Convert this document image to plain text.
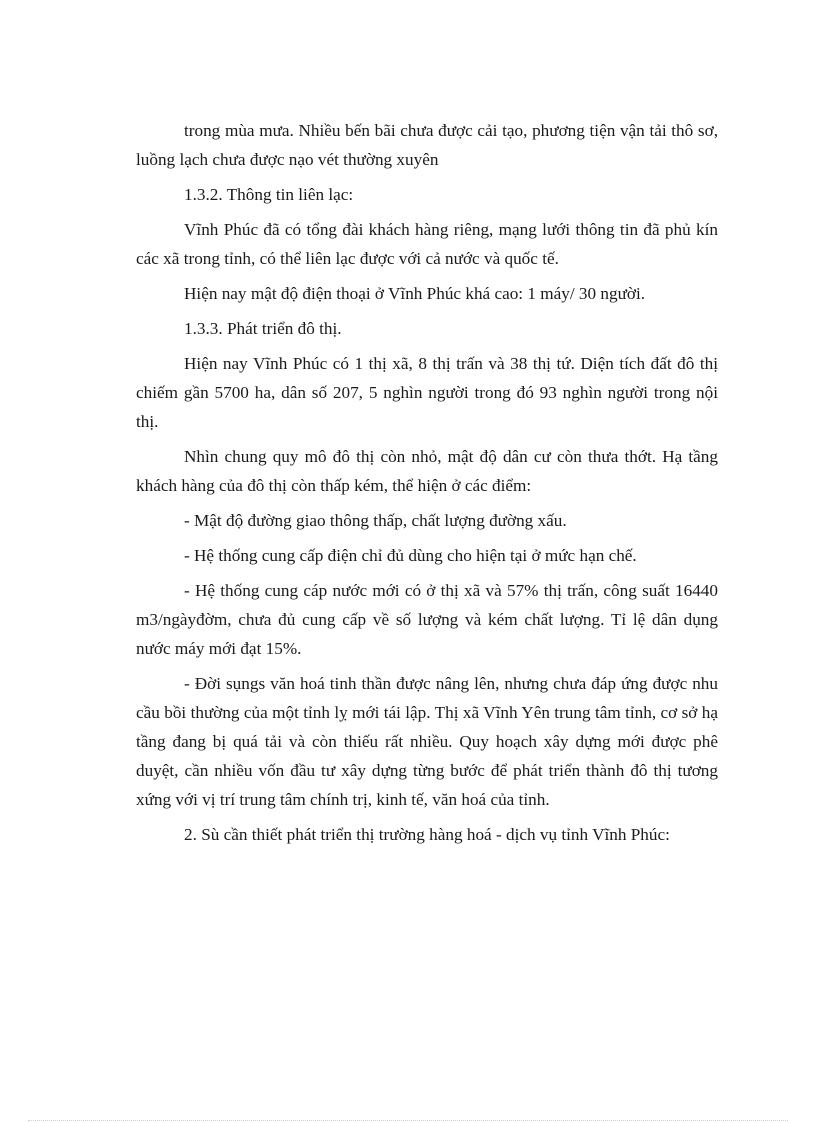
trong mùa mưa. Nhiều bến bãi chưa được cải tạo, phương tiện vận tải thô sơ, luồng lạch chưa được nạo vét thường xuyên

1.3.2. Thông tin liên lạc:

Vĩnh Phúc đã có tổng đài khách hàng riêng, mạng lưới thông tin đã phủ kín các xã trong tỉnh, có thể liên lạc được với cả nước và quốc tế.

Hiện nay mật độ điện thoại ở Vĩnh Phúc khá cao: 1 máy/ 30 người.

1.3.3. Phát triển đô thị.

Hiện nay Vĩnh Phúc có 1 thị xã, 8 thị trấn và 38 thị tứ. Diện tích đất đô thị chiếm gần 5700 ha, dân số 207, 5 nghìn người trong đó 93 nghìn người trong nội thị.

Nhìn chung quy mô đô thị còn nhỏ, mật độ dân cư còn thưa thớt. Hạ tầng khách hàng của đô thị còn thấp kém, thể hiện ở các điểm:

- Mật độ đường giao thông thấp, chất lượng đường xấu.

- Hệ thống cung cấp điện chỉ đủ dùng cho hiện tại ở mức hạn chế.

- Hệ thống cung cáp nước mới có ở thị xã và 57% thị trấn, công suất 16440 m3/ngàyđờm, chưa đủ cung cấp về số lượng và kém chất lượng. Tỉ lệ dân dụng nước máy mới đạt 15%.

- Đời sụngs văn hoá tinh thần được nâng lên, nhưng chưa đáp ứng được nhu cầu bồi thường của một tỉnh lỵ mới tái lập. Thị xã Vĩnh Yên trung tâm tỉnh, cơ sở hạ tầng đang bị quá tải và còn thiếu rất nhiều. Quy hoạch xây dựng mới được phê duyệt, cần nhiều vốn đầu tư xây dựng từng bước để phát triển thành đô thị tương xứng với vị trí trung tâm chính trị, kinh tế, văn hoá của tỉnh.

2. Sù cần thiết phát triển thị trường hàng hoá - dịch vụ tỉnh Vĩnh Phúc:
